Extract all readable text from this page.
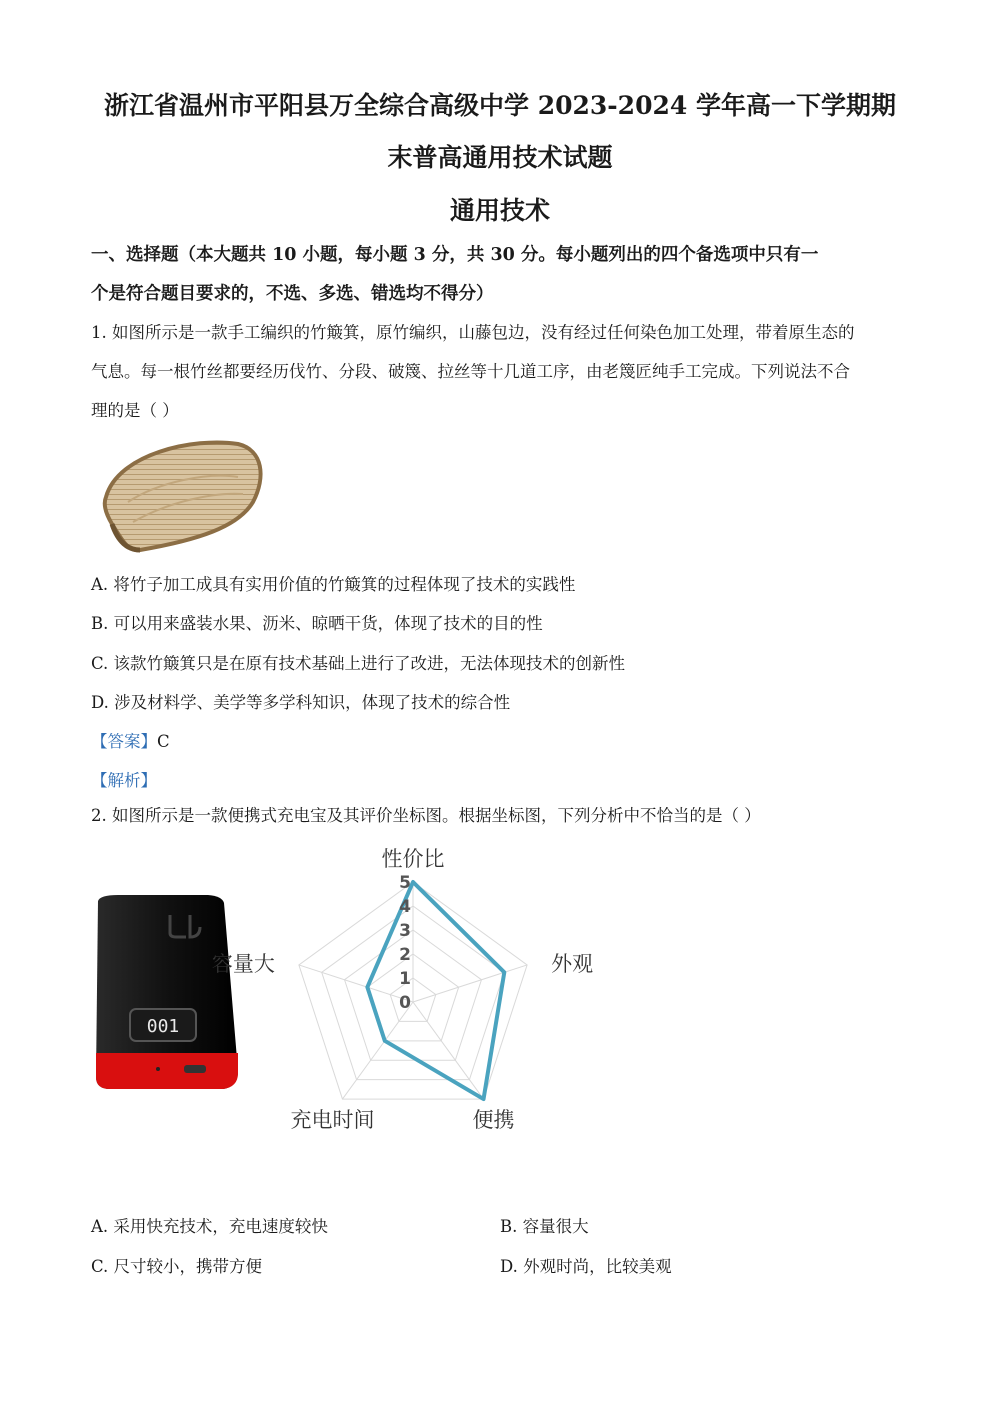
浙江省温州市平阳县万全综合高级中学 2023-2024 学年高一下学期期
末普高通用技术试题
通用技术
一、选择题（本大题共 10 小题，每小题 3 分，共 30 分。每小题列出的四个备选项中只有一
个是符合题目要求的，不选、多选、错选均不得分）
1. 如图所示是一款手工编织的竹簸箕，原竹编织，山藤包边，没有经过任何染色加工处理，带着原生态的
气息。每一根竹丝都要经历伐竹、分段、破篾、拉丝等十几道工序，由老篾匠纯手工完成。下列说法不合
理的是（ ）
A. 将竹子加工成具有实用价值的竹簸箕的过程体现了技术的实践性
B. 可以用来盛装水果、沥米、晾晒干货，体现了技术的目的性
C. 该款竹簸箕只是在原有技术基础上进行了改进，无法体现技术的创新性
D. 涉及材料学、美学等多学科知识，体现了技术的综合性
【答案】C
【解析】
2. 如图所示是一款便携式充电宝及其评价坐标图。根据坐标图，下列分析中不恰当的是（ ）
001
0
1
2
3
4
5
性价比
外观
便携
充电时间
容量大
A. 采用快充技术，充电速度较快	B. 容量很大
C. 尺寸较小，携带方便	D. 外观时尚，比较美观
